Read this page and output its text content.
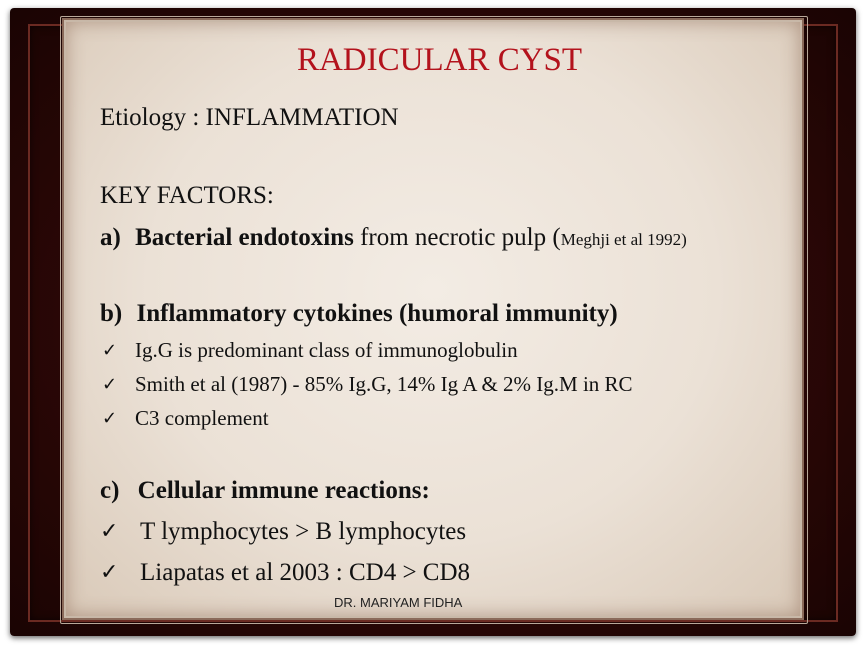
RADICULAR CYST
Etiology : INFLAMMATION
KEY FACTORS:
a) Bacterial endotoxins from necrotic pulp (Meghji et al 1992)
b) Inflammatory cytokines (humoral immunity)
✓ Ig.G is predominant class of immunoglobulin
✓ Smith et al (1987) - 85% Ig.G, 14% Ig A & 2% Ig.M in RC
✓ C3 complement
c) Cellular immune reactions:
✓ T lymphocytes > B lymphocytes
✓ Liapatas et al 2003 : CD4 > CD8
DR. MARIYAM FIDHA
